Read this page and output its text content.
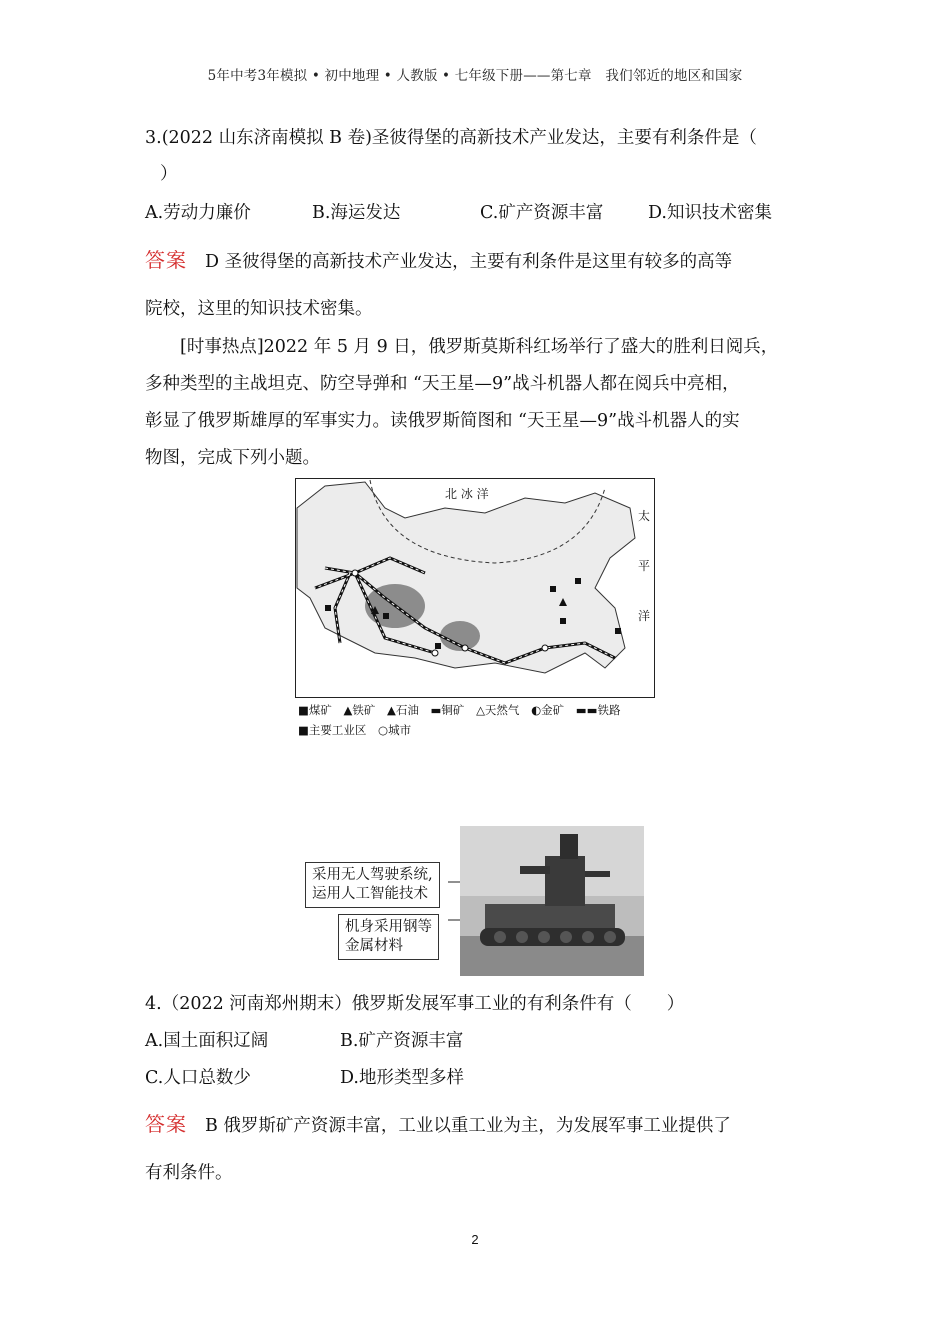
5年中考3年模拟 • 初中地理 • 人教版 • 七年级下册——第七章　我们邻近的地区和国家
3.(2022 山东济南模拟 B 卷)圣彼得堡的高新技术产业发达，主要有利条件是（
）
A.劳动力廉价	B.海运发达	C.矿产资源丰富	D.知识技术密集
答案 D 圣彼得堡的高新技术产业发达，主要有利条件是这里有较多的高等
院校，这里的知识技术密集。
[时事热点]2022 年 5 月 9 日，俄罗斯莫斯科红场举行了盛大的胜利日阅兵，
多种类型的主战坦克、防空导弹和 “天王星—9”战斗机器人都在阅兵中亮相，
彰显了俄罗斯雄厚的军事实力。读俄罗斯简图和 “天王星—9”战斗机器人的实
物图，完成下列小题。
北 冰 洋
太
平
洋
■煤矿 ▲铁矿 ▲石油 ▬铜矿 △天然气 ◐金矿 ▬▬铁路
■主要工业区 ○城市
采用无人驾驶系统,
运用人工智能技术
机身采用钢等
金属材料
4.（2022 河南郑州期末）俄罗斯发展军事工业的有利条件有（　　）
A.国土面积辽阔	B.矿产资源丰富
C.人口总数少	D.地形类型多样
答案 B 俄罗斯矿产资源丰富，工业以重工业为主，为发展军事工业提供了
有利条件。
2
